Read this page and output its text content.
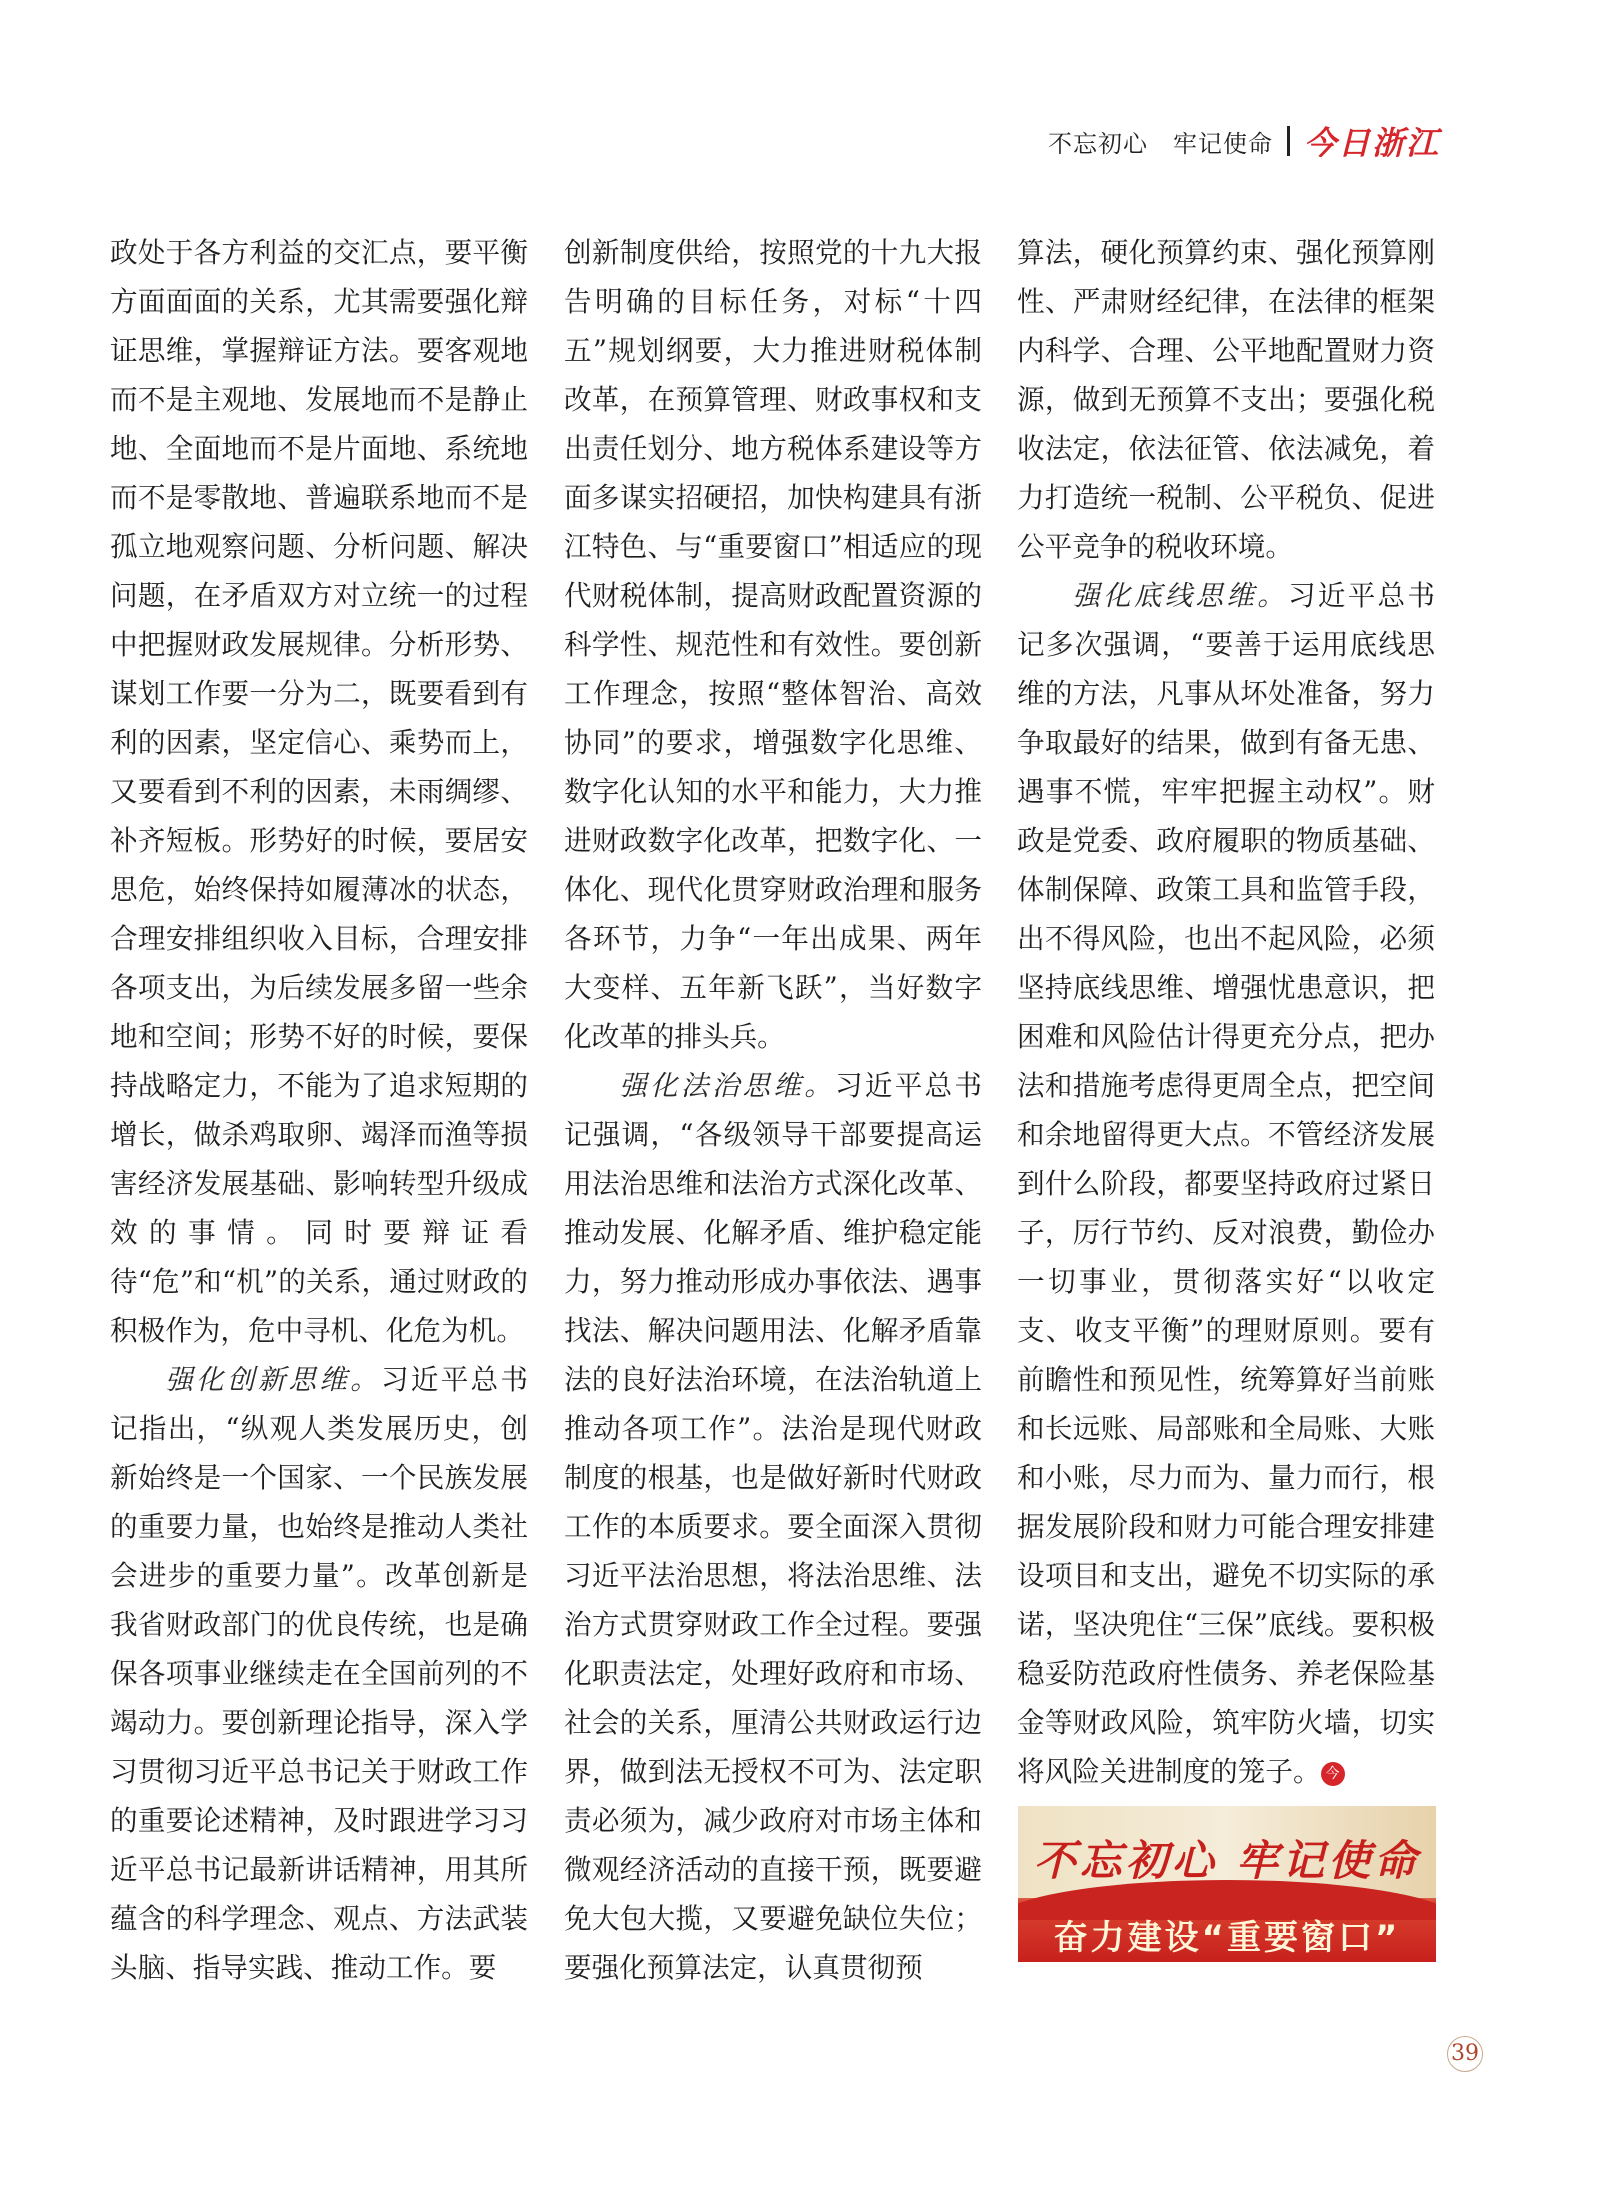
不忘初心　牢记使命 今日浙江

政处于各方利益的交汇点，要平衡方面面面的关系，尤其需要强化辩证思维，掌握辩证方法。要客观地而不是主观地、发展地而不是静止地、全面地而不是片面地、系统地而不是零散地、普遍联系地而不是孤立地观察问题、分析问题、解决问题，在矛盾双方对立统一的过程中把握财政发展规律。分析形势、谋划工作要一分为二，既要看到有利的因素，坚定信心、乘势而上，又要看到不利的因素，未雨绸缪、补齐短板。形势好的时候，要居安思危，始终保持如履薄冰的状态，合理安排组织收入目标，合理安排各项支出，为后续发展多留一些余地和空间；形势不好的时候，要保持战略定力，不能为了追求短期的增长，做杀鸡取卵、竭泽而渔等损害经济发展基础、影响转型升级成效的事情。同时要辩证看待“危”和“机”的关系，通过财政的积极作为，危中寻机、化危为机。

强化创新思维。习近平总书记指出，“纵观人类发展历史，创新始终是一个国家、一个民族发展的重要力量，也始终是推动人类社会进步的重要力量”。改革创新是我省财政部门的优良传统，也是确保各项事业继续走在全国前列的不竭动力。要创新理论指导，深入学习贯彻习近平总书记关于财政工作的重要论述精神，及时跟进学习习近平总书记最新讲话精神，用其所蕴含的科学理念、观点、方法武装头脑、指导实践、推动工作。要

创新制度供给，按照党的十九大报告明确的目标任务，对标“十四五”规划纲要，大力推进财税体制改革，在预算管理、财政事权和支出责任划分、地方税体系建设等方面多谋实招硬招，加快构建具有浙江特色、与“重要窗口”相适应的现代财税体制，提高财政配置资源的科学性、规范性和有效性。要创新工作理念，按照“整体智治、高效协同”的要求，增强数字化思维、数字化认知的水平和能力，大力推进财政数字化改革，把数字化、一体化、现代化贯穿财政治理和服务各环节，力争“一年出成果、两年大变样、五年新飞跃”，当好数字化改革的排头兵。

强化法治思维。习近平总书记强调，“各级领导干部要提高运用法治思维和法治方式深化改革、推动发展、化解矛盾、维护稳定能力，努力推动形成办事依法、遇事找法、解决问题用法、化解矛盾靠法的良好法治环境，在法治轨道上推动各项工作”。法治是现代财政制度的根基，也是做好新时代财政工作的本质要求。要全面深入贯彻习近平法治思想，将法治思维、法治方式贯穿财政工作全过程。要强化职责法定，处理好政府和市场、社会的关系，厘清公共财政运行边界，做到法无授权不可为、法定职责必须为，减少政府对市场主体和微观经济活动的直接干预，既要避免大包大揽，又要避免缺位失位；要强化预算法定，认真贯彻预

算法，硬化预算约束、强化预算刚性、严肃财经纪律，在法律的框架内科学、合理、公平地配置财力资源，做到无预算不支出；要强化税收法定，依法征管、依法减免，着力打造统一税制、公平税负、促进公平竞争的税收环境。

强化底线思维。习近平总书记多次强调，“要善于运用底线思维的方法，凡事从坏处准备，努力争取最好的结果，做到有备无患、遇事不慌，牢牢把握主动权”。财政是党委、政府履职的物质基础、体制保障、政策工具和监管手段，出不得风险，也出不起风险，必须坚持底线思维、增强忧患意识，把困难和风险估计得更充分点，把办法和措施考虑得更周全点，把空间和余地留得更大点。不管经济发展到什么阶段，都要坚持政府过紧日子，厉行节约、反对浪费，勤俭办一切事业，贯彻落实好“以收定支、收支平衡”的理财原则。要有前瞻性和预见性，统筹算好当前账和长远账、局部账和全局账、大账和小账，尽力而为、量力而行，根据发展阶段和财力可能合理安排建设项目和支出，避免不切实际的承诺，坚决兜住“三保”底线。要积极稳妥防范政府性债务、养老保险基金等财政风险，筑牢防火墙，切实将风险关进制度的笼子。 今

不忘初心 牢记使命
奋力建设“重要窗口”
39
